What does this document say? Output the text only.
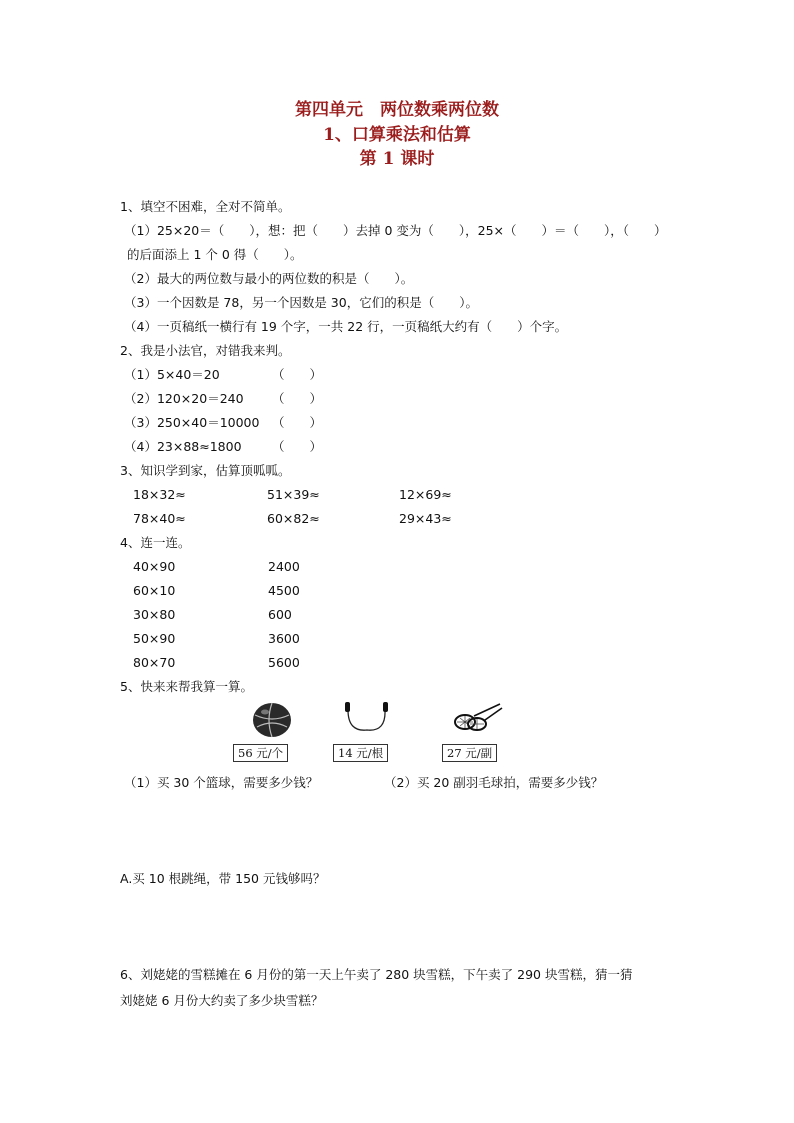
第四单元　两位数乘两位数
1、口算乘法和估算
第 1 课时
1、填空不困难，全对不简单。
（1）25×20＝（　　），想：把（　　）去掉 0 变为（　　），25×（　　）＝（　　），（　　）
的后面添上 1 个 0 得（　　）。
（2）最大的两位数与最小的两位数的积是（　　）。
（3）一个因数是 78，另一个因数是 30，它们的积是（　　）。
（4）一页稿纸一横行有 19 个字，一共 22 行，一页稿纸大约有（　　）个字。
2、我是小法官，对错我来判。
（1）5×40＝20	（　　）
（2）120×20＝240 （　　）
（3）250×40＝10000 （　　）
（4）23×88≈1800 （　　）
3、知识学到家，估算顶呱呱。
18×32≈	51×39≈	12×69≈
78×40≈	60×82≈	29×43≈
4、连一连。
40×90	2400
60×10	4500
30×80	600
50×90	3600
80×70	5600
5、快来来帮我算一算。
56 元/个	14 元/根	27 元/副
（1）买 30 个篮球，需要多少钱？	（2）买 20 副羽毛球拍，需要多少钱？
A.买 10 根跳绳，带 150 元钱够吗？
6、刘姥姥的雪糕摊在 6 月份的第一天上午卖了 280 块雪糕，下午卖了 290 块雪糕，猜一猜
刘姥姥 6 月份大约卖了多少块雪糕？
